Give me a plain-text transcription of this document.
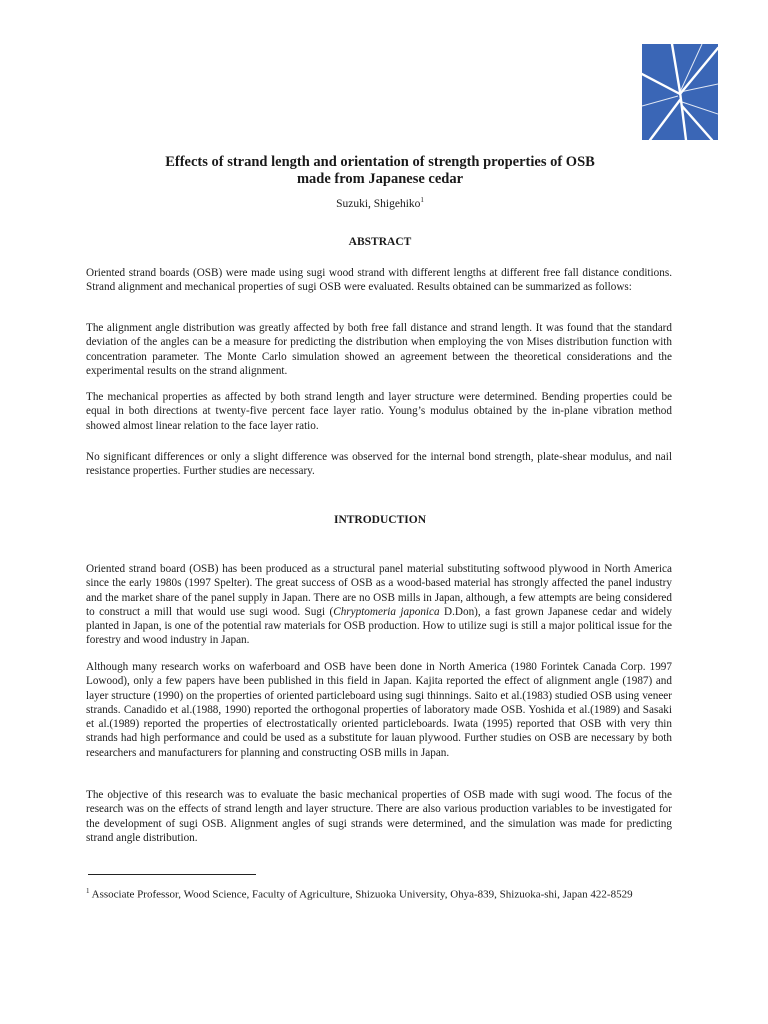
Effects of strand length and orientation of strength properties of OSB
made from Japanese cedar
Suzuki, Shigehiko$^1$
ABSTRACT
Oriented strand boards (OSB) were made using sugi wood strand with different lengths at different free fall distance conditions. Strand alignment and mechanical properties of sugi OSB were evaluated. Results obtained can be summarized as follows:
The alignment angle distribution was greatly affected by both free fall distance and strand length. It was found that the standard deviation of the angles can be a measure for predicting the distribution when employing the von Mises distribution function with concentration parameter. The Monte Carlo simulation showed an agreement between the theoretical considerations and the experimental results on the strand alignment.
The mechanical properties as affected by both strand length and layer structure were determined. Bending properties could be equal in both directions at twenty-five percent face layer ratio. Young’s modulus obtained by the in-plane vibration method showed almost linear relation to the face layer ratio.
No significant differences or only a slight difference was observed for the internal bond strength, plate-shear modulus, and nail resistance properties. Further studies are necessary.
INTRODUCTION
Oriented strand board (OSB) has been produced as a structural panel material substituting softwood plywood in North America since the early 1980s (1997 Spelter). The great success of OSB as a wood-based material has strongly affected the panel industry and the market share of the panel supply in Japan. There are no OSB mills in Japan, although, a few attempts are being considered to construct a mill that would use sugi wood. Sugi (Chryptomeria japonica D.Don), a fast grown Japanese cedar and widely planted in Japan, is one of the potential raw materials for OSB production. How to utilize sugi is still a major political issue for the forestry and wood industry in Japan.
Although many research works on waferboard and OSB have been done in North America (1980 Forintek Canada Corp. 1997 Lowood), only a few papers have been published in this field in Japan. Kajita reported the effect of alignment angle (1987) and layer structure (1990) on the properties of oriented particleboard using sugi thinnings. Saito et al.(1983) studied OSB using veneer strands. Canadido et al.(1988, 1990) reported the orthogonal properties of laboratory made OSB. Yoshida et al.(1989) and Sasaki et al.(1989) reported the properties of electrostatically oriented particleboards. Iwata (1995) reported that OSB with very thin strands had high performance and could be used as a substitute for lauan plywood. Further studies on OSB are necessary by both researchers and manufacturers for planning and constructing OSB mills in Japan.
The objective of this research was to evaluate the basic mechanical properties of OSB made with sugi wood. The focus of the research was on the effects of strand length and layer structure. There are also various production variables to be investigated for the development of sugi OSB. Alignment angles of sugi strands were determined, and the simulation was made for predicting strand angle distribution.
$^1$ Associate Professor, Wood Science, Faculty of Agriculture, Shizuoka University, Ohya-839, Shizuoka-shi, Japan 422-8529
